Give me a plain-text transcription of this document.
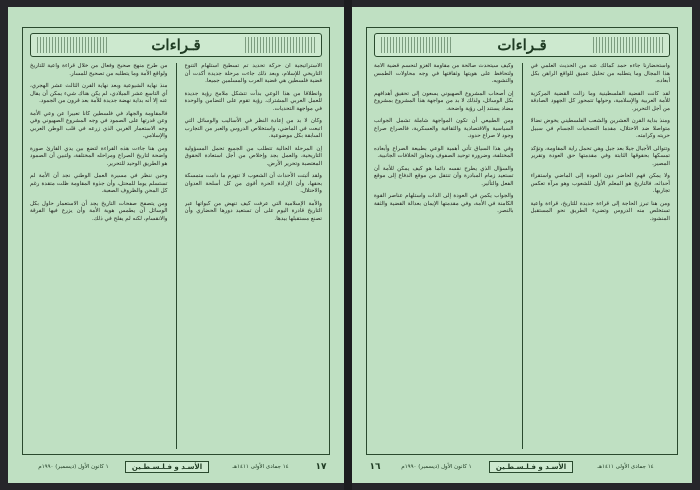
قـراءات

من طرح منهج صحيح وفعال من خلال قراءة واعية للتاريخ ولواقع الأمة وما يتطلبه من تصحيح للمسار.

منذ نهاية الشيوعية وبعد نهاية القرن الثالث عشر الهجري، أي التاسع عشر الميلادي، لم يكن هناك شيء يمكن أن يقال عنه إلا أنه بداية نهضة جديدة للأمة بعد قرون من الجمود.

فالمقاومة والجهاد في فلسطين كانا تعبيرا عن وعي الأمة وعن قدرتها على الصمود في وجه المشروع الصهيوني وفي وجه الاستعمار الغربي الذي زرعه في قلب الوطن العربي والإسلامي.

ومن هنا جاءت هذه القراءة لتضع بين يدي القارئ صورة واضحة لتاريخ الصراع ومراحله المختلفة، ولتبين أن الصمود هو الطريق الوحيد للتحرير.

وحين ننظر في مسيرة العمل الوطني نجد أن الأمة لم تستسلم يوما للمحتل، وأن جذوة المقاومة ظلت متقدة رغم كل المحن والظروف الصعبة.

ومن يتصفح صفحات التاريخ يجد أن الاستعمار حاول بكل الوسائل أن يطمس هوية الأمة وأن يزرع فيها الفرقة والانقسام، لكنه لم يفلح في ذلك.

الاستراتيجية آن حركة تحديد تم تسطيح استلهام التنوع التاريخي للإسلام، وبعد ذلك جاءت مرحلة جديدة أكدت أن قضية فلسطين هي قضية العرب والمسلمين جميعا.

وانطلاقا من هذا الوعي بدأت تتشكل ملامح رؤية جديدة للعمل العربي المشترك، رؤية تقوم على التضامن والوحدة في مواجهة التحديات.

وكان لا بد من إعادة النظر في الأساليب والوسائل التي اتبعت في الماضي، واستخلاص الدروس والعبر من التجارب السابقة بكل موضوعية.

إن المرحلة الحالية تتطلب من الجميع تحمل المسؤولية التاريخية، والعمل بجد وإخلاص من أجل استعادة الحقوق المغتصبة وتحرير الأرض.

ولقد أثبتت الأحداث أن الشعوب لا تنهزم ما دامت متمسكة بحقها، وأن الإرادة الحرة أقوى من كل أسلحة العدوان والاحتلال.

والأمة الإسلامية التي عرفت كيف تنهض من كبواتها عبر التاريخ قادرة اليوم على أن تستعيد دورها الحضاري وأن تصنع مستقبلها بيدها.

١ كانون الأول (ديسمبر) ١٩٩٠م	الأسـد و فـلـسـطـين	١٤ جمادى الأولى ١٤١١هـ	١٧
قـراءات

وكيف سيتحدث صالحة من مقاومة الغزو لنحسم قضية الأمة ولتحافظ على هويتها وثقافتها في وجه محاولات الطمس والتشويه.

إن أصحاب المشروع الصهيوني يسعون إلى تحقيق أهدافهم بكل الوسائل، ولذلك لا بد من مواجهة هذا المشروع بمشروع مضاد يستند إلى رؤية واضحة.

ومن الطبيعي أن تكون المواجهة شاملة تشمل الجوانب السياسية والاقتصادية والثقافية والعسكرية، فالصراع صراع وجود لا صراع حدود.

وفي هذا السياق تأتي أهمية الوعي بطبيعة الصراع وأبعاده المختلفة، وضرورة توحيد الصفوف وتجاوز الخلافات الجانبية.

والسؤال الذي يطرح نفسه دائما هو كيف يمكن للأمة أن تستعيد زمام المبادرة وأن تنتقل من موقع الدفاع إلى موقع الفعل والتأثير.

والجواب يكمن في العودة إلى الذات واستلهام عناصر القوة الكامنة في الأمة، وفي مقدمتها الإيمان بعدالة القضية والثقة بالنصر.

واستحضارنا جاءه حمد كمالك عنه من الحديث العلمي في هذا المجال وما يتطلبه من تحليل عميق للواقع الراهن بكل أبعاده.

لقد كانت القضية الفلسطينية وما زالت القضية المركزية للأمة العربية والإسلامية، وحولها تتمحور كل الجهود الصادقة من أجل التحرير.

ومنذ بداية القرن العشرين والشعب الفلسطيني يخوض نضالا متواصلا ضد الاحتلال، مقدما التضحيات الجسام في سبيل حريته وكرامته.

وتتوالى الأجيال جيلا بعد جيل وهي تحمل راية المقاومة، وتؤكد تمسكها بحقوقها الثابتة وفي مقدمتها حق العودة وتقرير المصير.

ولا يمكن فهم الحاضر دون العودة إلى الماضي واستقراء أحداثه، فالتاريخ هو المعلم الأول للشعوب وهو مرآة تعكس تجاربها.

ومن هنا تبرز الحاجة إلى قراءة جديدة للتاريخ، قراءة واعية تستخلص منه الدروس وتضيء الطريق نحو المستقبل المنشود.

١٦	١ كانون الأول (ديسمبر) ١٩٩٠م	الأسـد و فـلـسـطـين	١٤ جمادى الأولى ١٤١١هـ
